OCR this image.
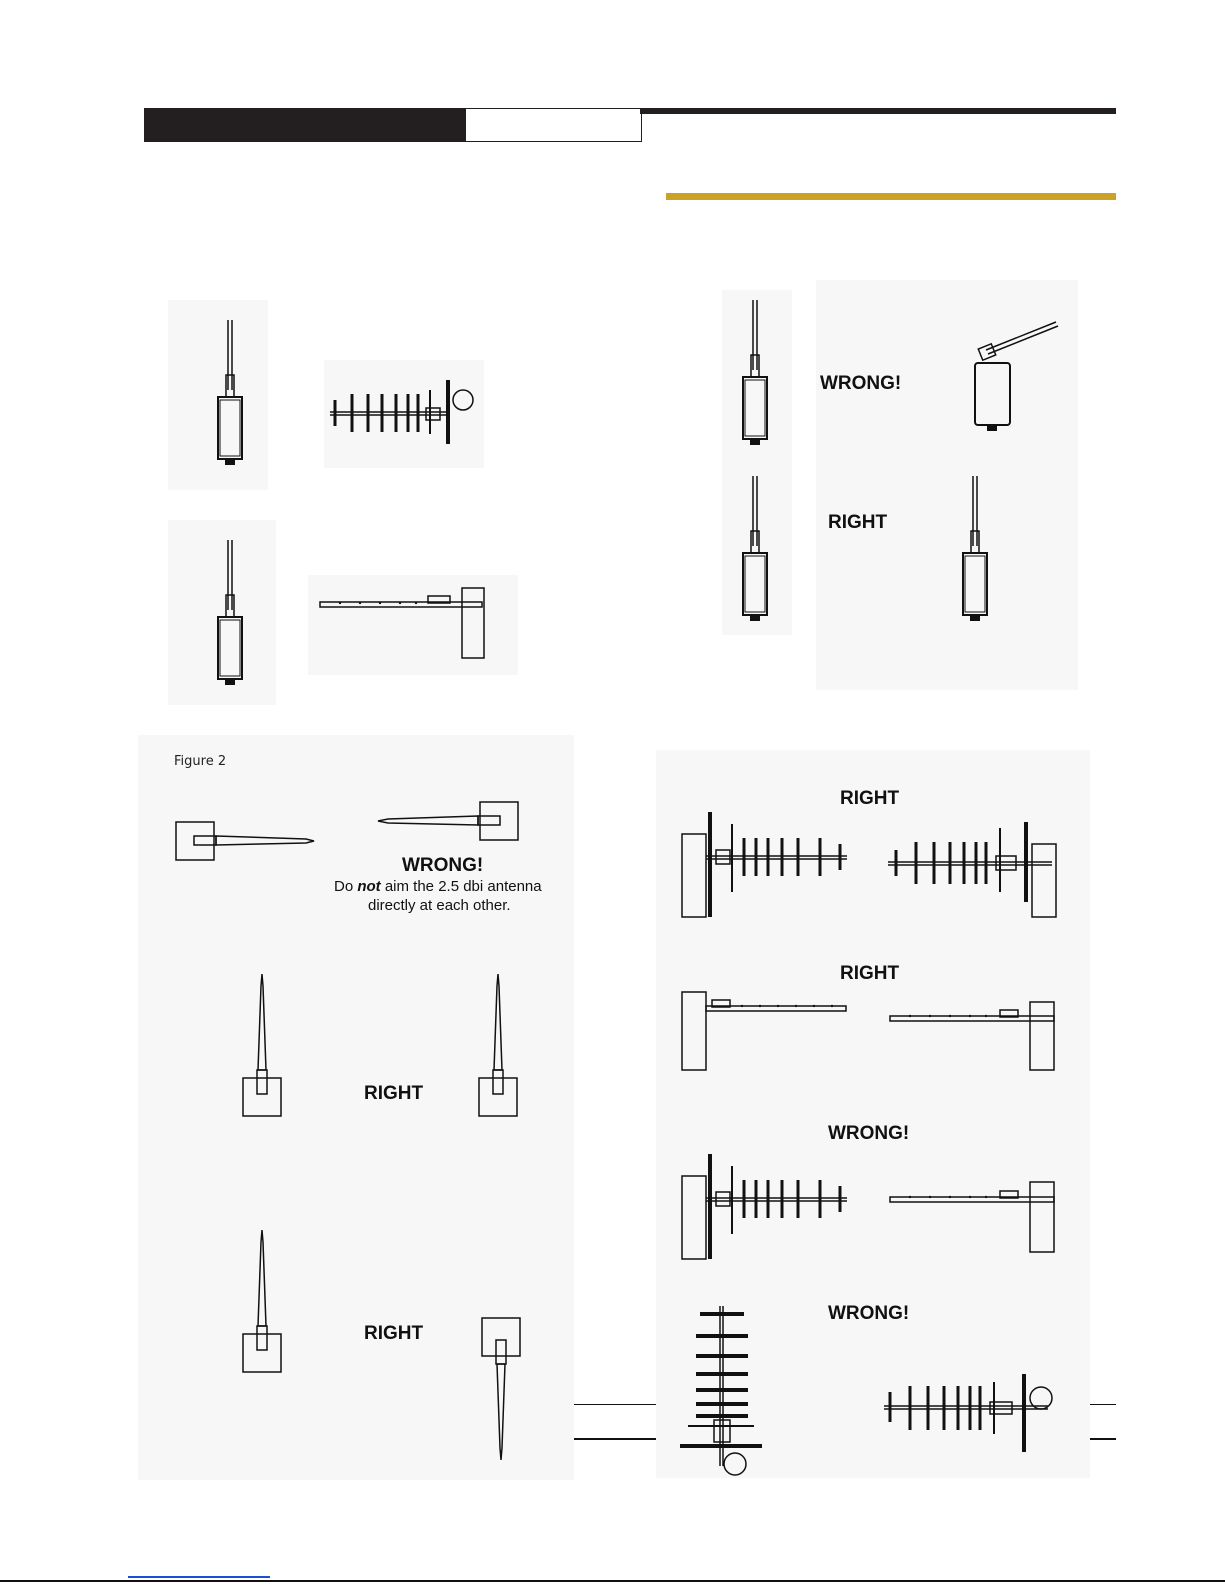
WRONG!
RIGHT
Figure 2
WRONG!
Do not aim the 2.5 dbi antenna
directly at each other.
RIGHT
RIGHT
RIGHT
RIGHT
WRONG!
WRONG!
